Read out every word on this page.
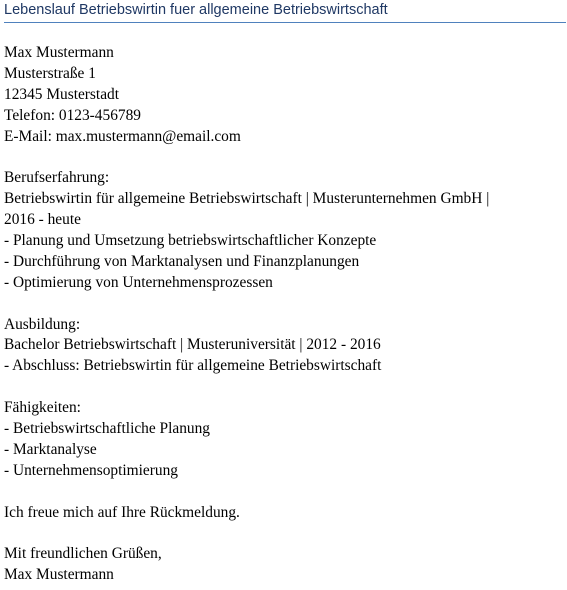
Lebenslauf Betriebswirtin fuer allgemeine Betriebswirtschaft
Max Mustermann
Musterstraße 1
12345 Musterstadt
Telefon: 0123-456789
E-Mail: max.mustermann@email.com
Berufserfahrung:
Betriebswirtin für allgemeine Betriebswirtschaft | Musterunternehmen GmbH |
2016 - heute
- Planung und Umsetzung betriebswirtschaftlicher Konzepte
- Durchführung von Marktanalysen und Finanzplanungen
- Optimierung von Unternehmensprozessen
Ausbildung:
Bachelor Betriebswirtschaft | Musteruniversität | 2012 - 2016
- Abschluss: Betriebswirtin für allgemeine Betriebswirtschaft
Fähigkeiten:
- Betriebswirtschaftliche Planung
- Marktanalyse
- Unternehmensoptimierung
Ich freue mich auf Ihre Rückmeldung.
Mit freundlichen Grüßen,
Max Mustermann
